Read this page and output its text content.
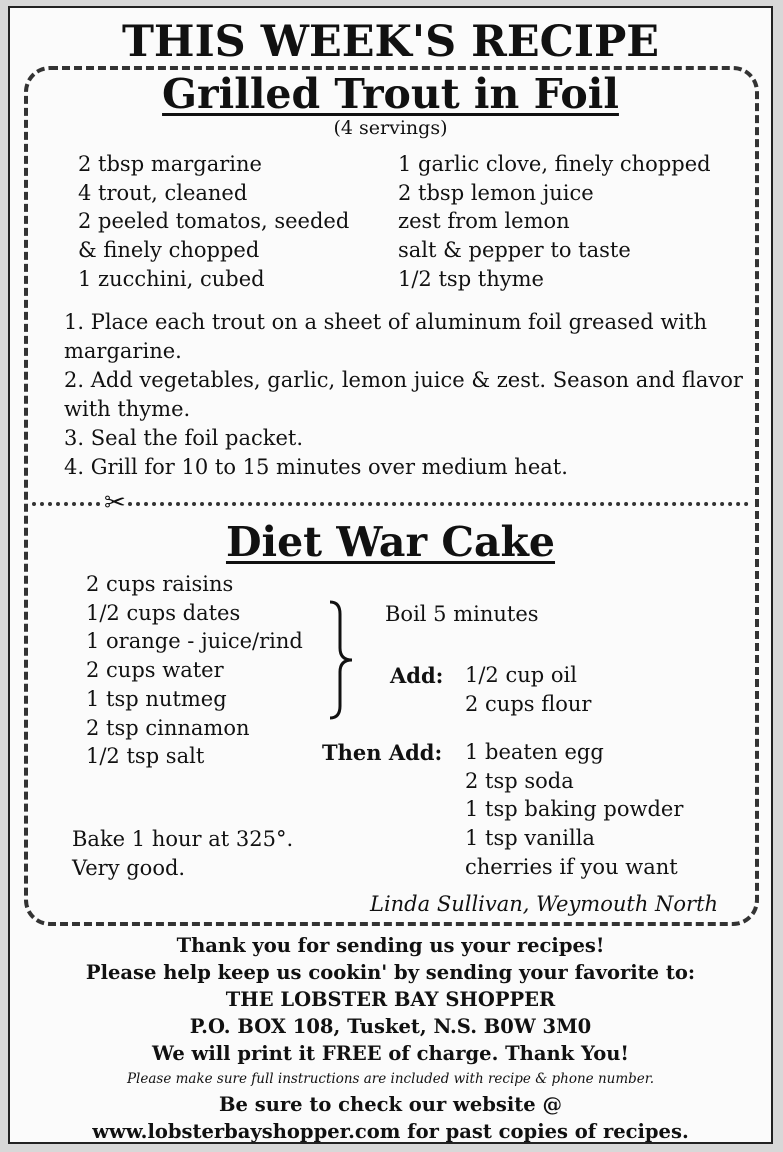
THIS WEEK'S RECIPE
Grilled Trout in Foil
(4 servings)
2 tbsp margarine
4 trout, cleaned
2 peeled tomatos, seeded
& finely chopped
1 zucchini, cubed
1 garlic clove, finely chopped
2 tbsp lemon juice
zest from lemon
salt & pepper to taste
1/2 tsp thyme
1. Place each trout on a sheet of aluminum foil greased with margarine.
2. Add vegetables, garlic, lemon juice & zest. Season and flavor with thyme.
3. Seal the foil packet.
4. Grill for 10 to 15 minutes over medium heat.
✂
Diet War Cake
2 cups raisins
1/2 cups dates
1 orange - juice/rind
2 cups water
1 tsp nutmeg
2 tsp cinnamon
1/2 tsp salt
Boil 5 minutes
Add: 1/2 cup oil
2 cups flour
Then Add: 1 beaten egg
2 tsp soda
1 tsp baking powder
1 tsp vanilla
cherries if you want
Bake 1 hour at 325°.
Very good.
Linda Sullivan, Weymouth North
Thank you for sending us your recipes!
Please help keep us cookin' by sending your favorite to:
THE LOBSTER BAY SHOPPER
P.O. BOX 108, Tusket, N.S. B0W 3M0
We will print it FREE of charge. Thank You!
Please make sure full instructions are included with recipe & phone number.
Be sure to check our website @
www.lobsterbayshopper.com for past copies of recipes.
